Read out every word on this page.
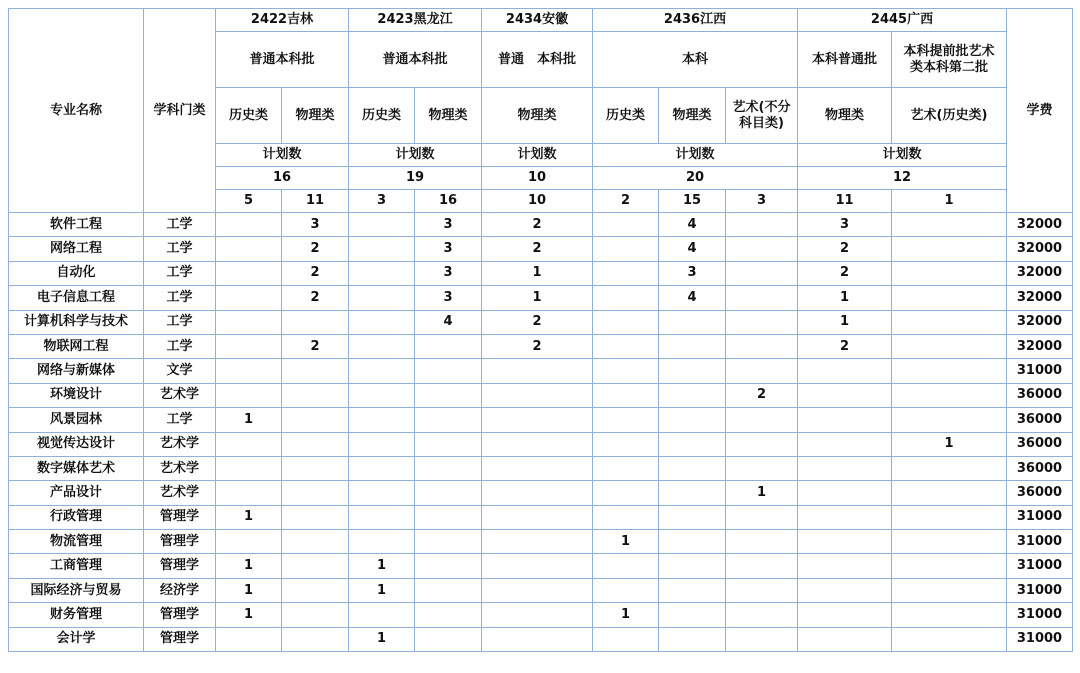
专业名称	学科门类	2422吉林		2423黑龙江		2434安徽	2436江西			2445广西		学费
		普通本科批		普通本科批		普通　本科批	本科			本科普通批	本科提前批艺术类本科第二批	
		历史类	物理类	历史类	物理类	物理类	历史类	物理类	艺术(不分科目类)	物理类	艺术(历史类)	
		计划数		计划数		计划数	计划数			计划数		
		16		19		10	20			12		
		5	11	3	16	10	2	15	3	11	1	
软件工程	工学		3		3	2		4		3		32000
网络工程	工学		2		3	2		4		2		32000
自动化	工学		2		3	1		3		2		32000
电子信息工程	工学		2		3	1		4		1		32000
计算机科学与技术	工学				4	2				1		32000
物联网工程	工学		2			2				2		32000
网络与新媒体	文学											31000
环境设计	艺术学								2			36000
风景园林	工学	1										36000
视觉传达设计	艺术学										1	36000
数字媒体艺术	艺术学											36000
产品设计	艺术学								1			36000
行政管理	管理学	1										31000
物流管理	管理学						1					31000
工商管理	管理学	1		1								31000
国际经济与贸易	经济学	1		1								31000
财务管理	管理学	1					1					31000
会计学	管理学			1								31000
